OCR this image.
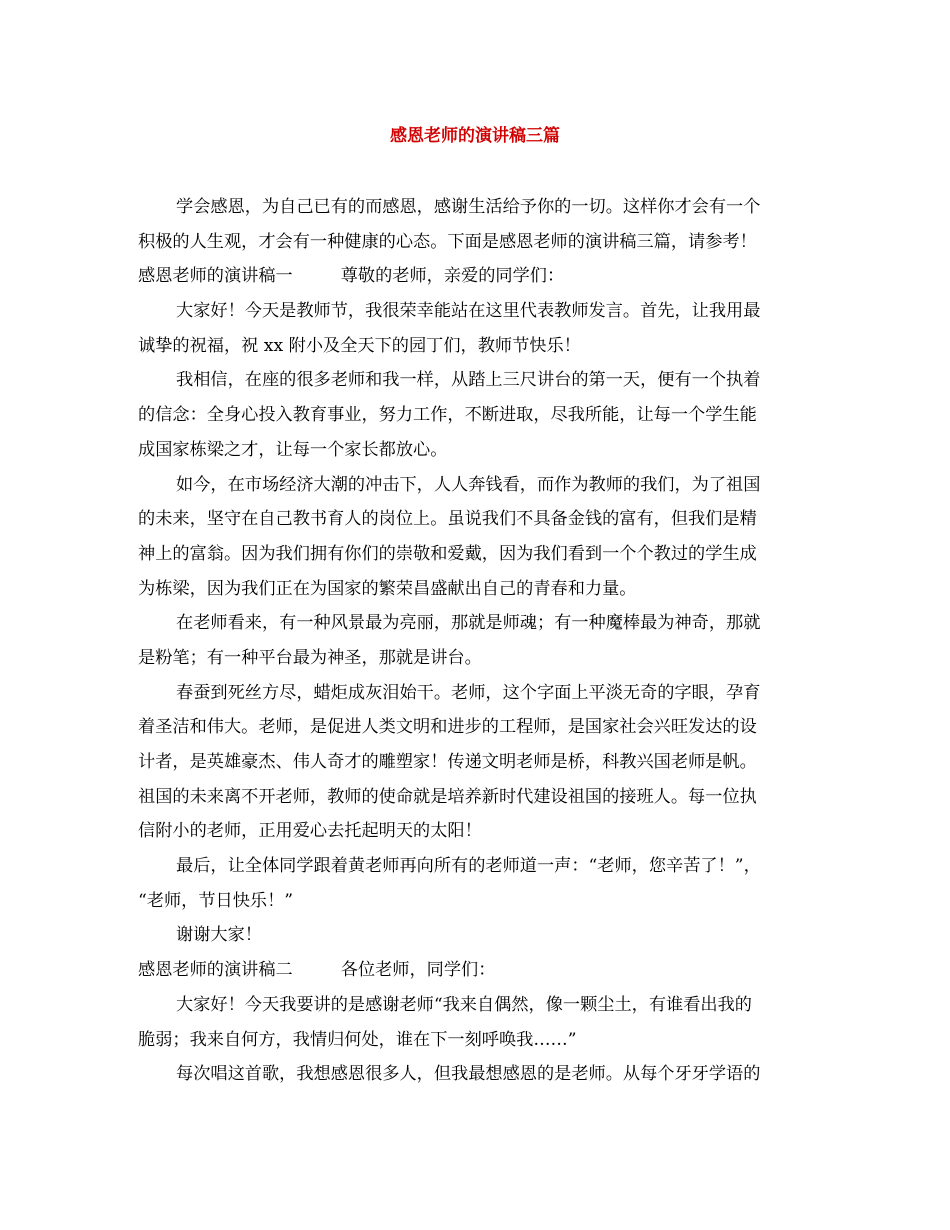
感恩老师的演讲稿三篇
学会感恩，为自己已有的而感恩，感谢生活给予你的一切。这样你才会有一个
积极的人生观，才会有一种健康的心态。下面是感恩老师的演讲稿三篇，请参考！
感恩老师的演讲稿一	尊敬的老师，亲爱的同学们：
大家好！今天是教师节，我很荣幸能站在这里代表教师发言。首先，让我用最
诚挚的祝福，祝 xx 附小及全天下的园丁们，教师节快乐！
我相信，在座的很多老师和我一样，从踏上三尺讲台的第一天，便有一个执着
的信念：全身心投入教育事业，努力工作，不断进取，尽我所能，让每一个学生能
成国家栋梁之才，让每一个家长都放心。
如今，在市场经济大潮的冲击下，人人奔钱看，而作为教师的我们，为了祖国
的未来，坚守在自己教书育人的岗位上。虽说我们不具备金钱的富有，但我们是精
神上的富翁。因为我们拥有你们的崇敬和爱戴，因为我们看到一个个教过的学生成
为栋梁，因为我们正在为国家的繁荣昌盛献出自己的青春和力量。
在老师看来，有一种风景最为亮丽，那就是师魂；有一种魔棒最为神奇，那就
是粉笔；有一种平台最为神圣，那就是讲台。
春蚕到死丝方尽，蜡炬成灰泪始干。老师，这个字面上平淡无奇的字眼，孕育
着圣洁和伟大。老师，是促进人类文明和进步的工程师，是国家社会兴旺发达的设
计者，是英雄豪杰、伟人奇才的雕塑家！传递文明老师是桥，科教兴国老师是帆。
祖国的未来离不开老师，教师的使命就是培养新时代建设祖国的接班人。每一位执
信附小的老师，正用爱心去托起明天的太阳！
最后，让全体同学跟着黄老师再向所有的老师道一声：“老师，您辛苦了！”，
“老师，节日快乐！”
谢谢大家！
感恩老师的演讲稿二	各位老师，同学们：
大家好！今天我要讲的是感谢老师“我来自偶然，像一颗尘土，有谁看出我的
脆弱；我来自何方，我情归何处，谁在下一刻呼唤我……”
每次唱这首歌，我想感恩很多人，但我最想感恩的是老师。从每个牙牙学语的
